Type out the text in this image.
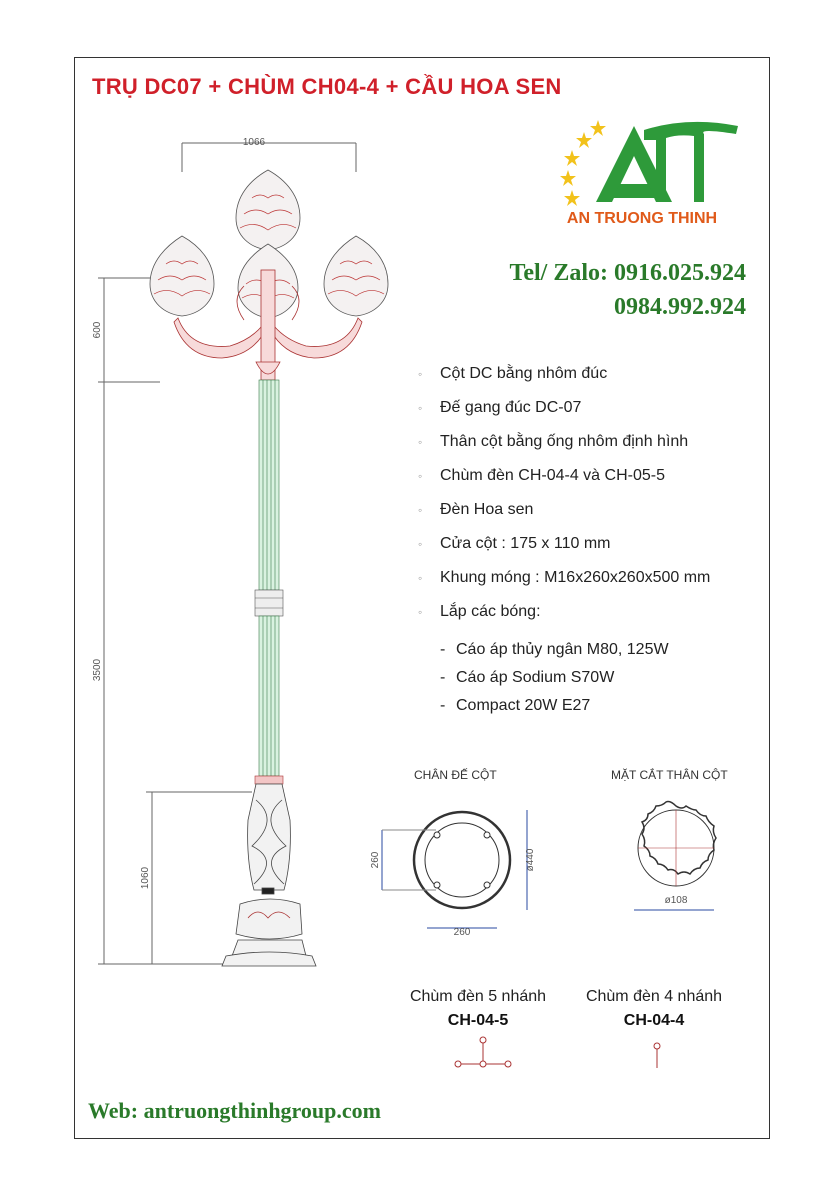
TRỤ DC07 + CHÙM CH04-4 + CẦU HOA SEN
AN TRUONG THINH
Tel/ Zalo: 0916.025.924
0984.992.924
◦ Cột DC bằng nhôm đúc
◦ Đế gang đúc DC-07
◦ Thân cột bằng ống nhôm định hình
◦ Chùm đèn CH-04-4 và CH-05-5
◦ Đèn Hoa sen
◦ Cửa cột : 175 x 110 mm
◦ Khung móng : M16x260x260x500 mm
◦ Lắp các bóng:
- Cáo áp thủy ngân M80, 125W
- Cáo áp Sodium S70W
- Compact 20W E27
1066
600
3500
1060
260
260
ø440
ø108
CHÂN ĐẾ CỘT	MẶT CẮT THÂN CỘT
Chùm đèn 5 nhánh
CH-04-5
Chùm đèn 4 nhánh
CH-04-4
Web: antruongthinhgroup.com
